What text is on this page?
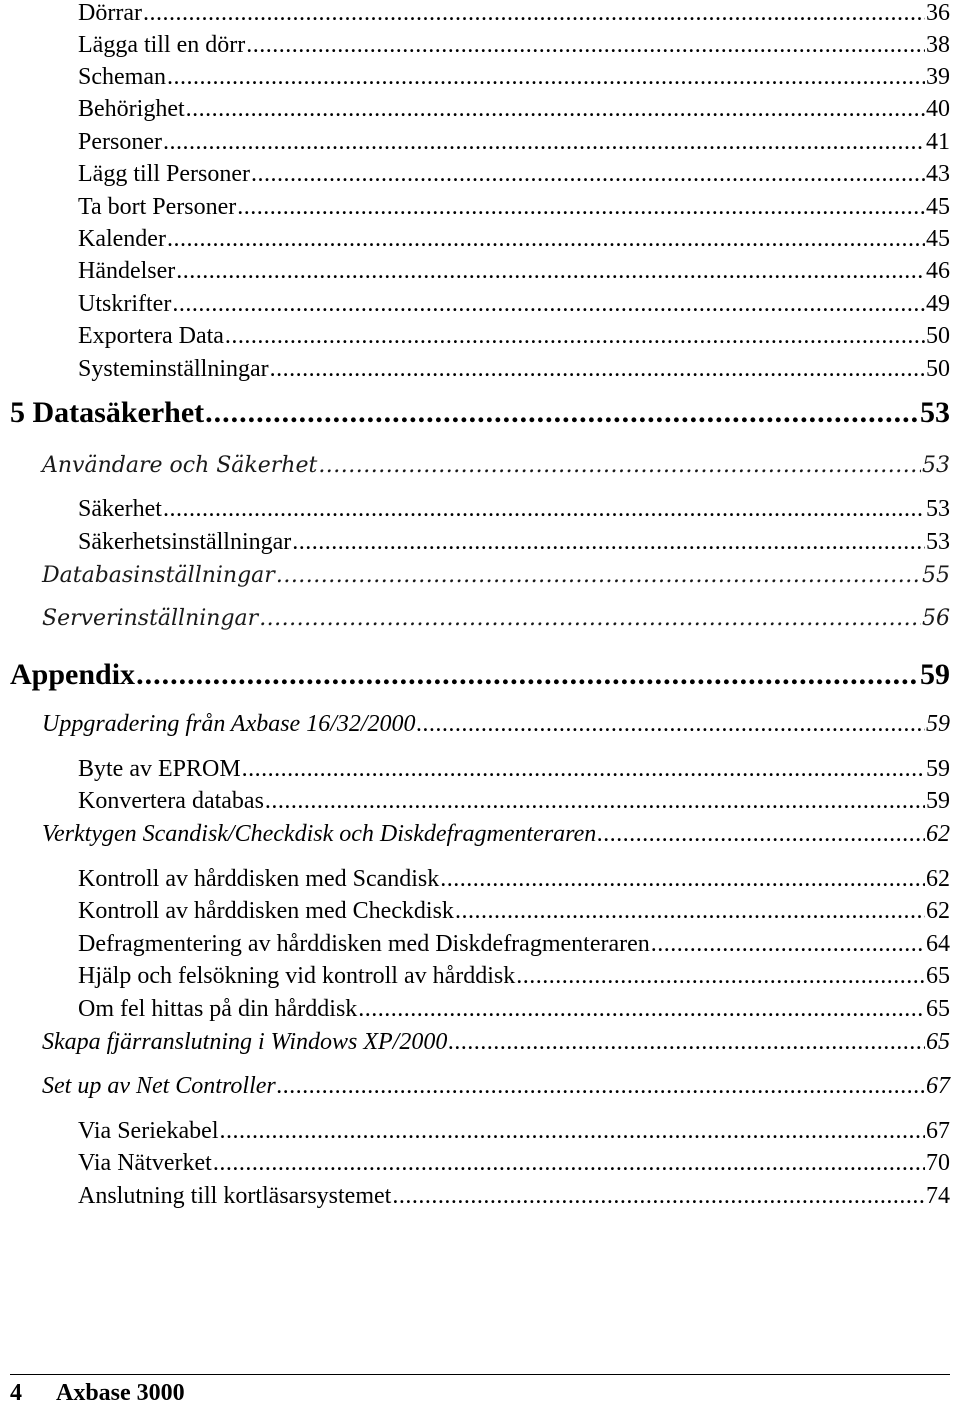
Dörrar .....	36
Lägga till en dörr .....	38
Scheman .....	39
Behörighet .....	40
Personer .....	41
Lägg till Personer .....	43
Ta bort Personer .....	45
Kalender .....	45
Händelser .....	46
Utskrifter .....	49
Exportera Data .....	50
Systeminställningar .....	50
5 Datasäkerhet .....	53
Användare och Säkerhet .....	53
Säkerhet .....	53
Säkerhetsinställningar .....	53
Databasinställningar .....	55
Serverinställningar .....	56
Appendix .....	59
Uppgradering från Axbase 16/32/2000 .....	59
Byte av EPROM .....	59
Konvertera databas .....	59
Verktygen Scandisk/Checkdisk och Diskdefragmenteraren .....	62
Kontroll av hårddisken med Scandisk .....	62
Kontroll av hårddisken med Checkdisk .....	62
Defragmentering av hårddisken med Diskdefragmenteraren .....	64
Hjälp och felsökning vid kontroll av hårddisk .....	65
Om fel hittas på din hårddisk .....	65
Skapa fjärranslutning i Windows XP/2000 .....	65
Set up av Net Controller .....	67
Via Seriekabel .....	67
Via Nätverket .....	70
Anslutning till kortläsarsystemet .....	74
4 Axbase 3000
